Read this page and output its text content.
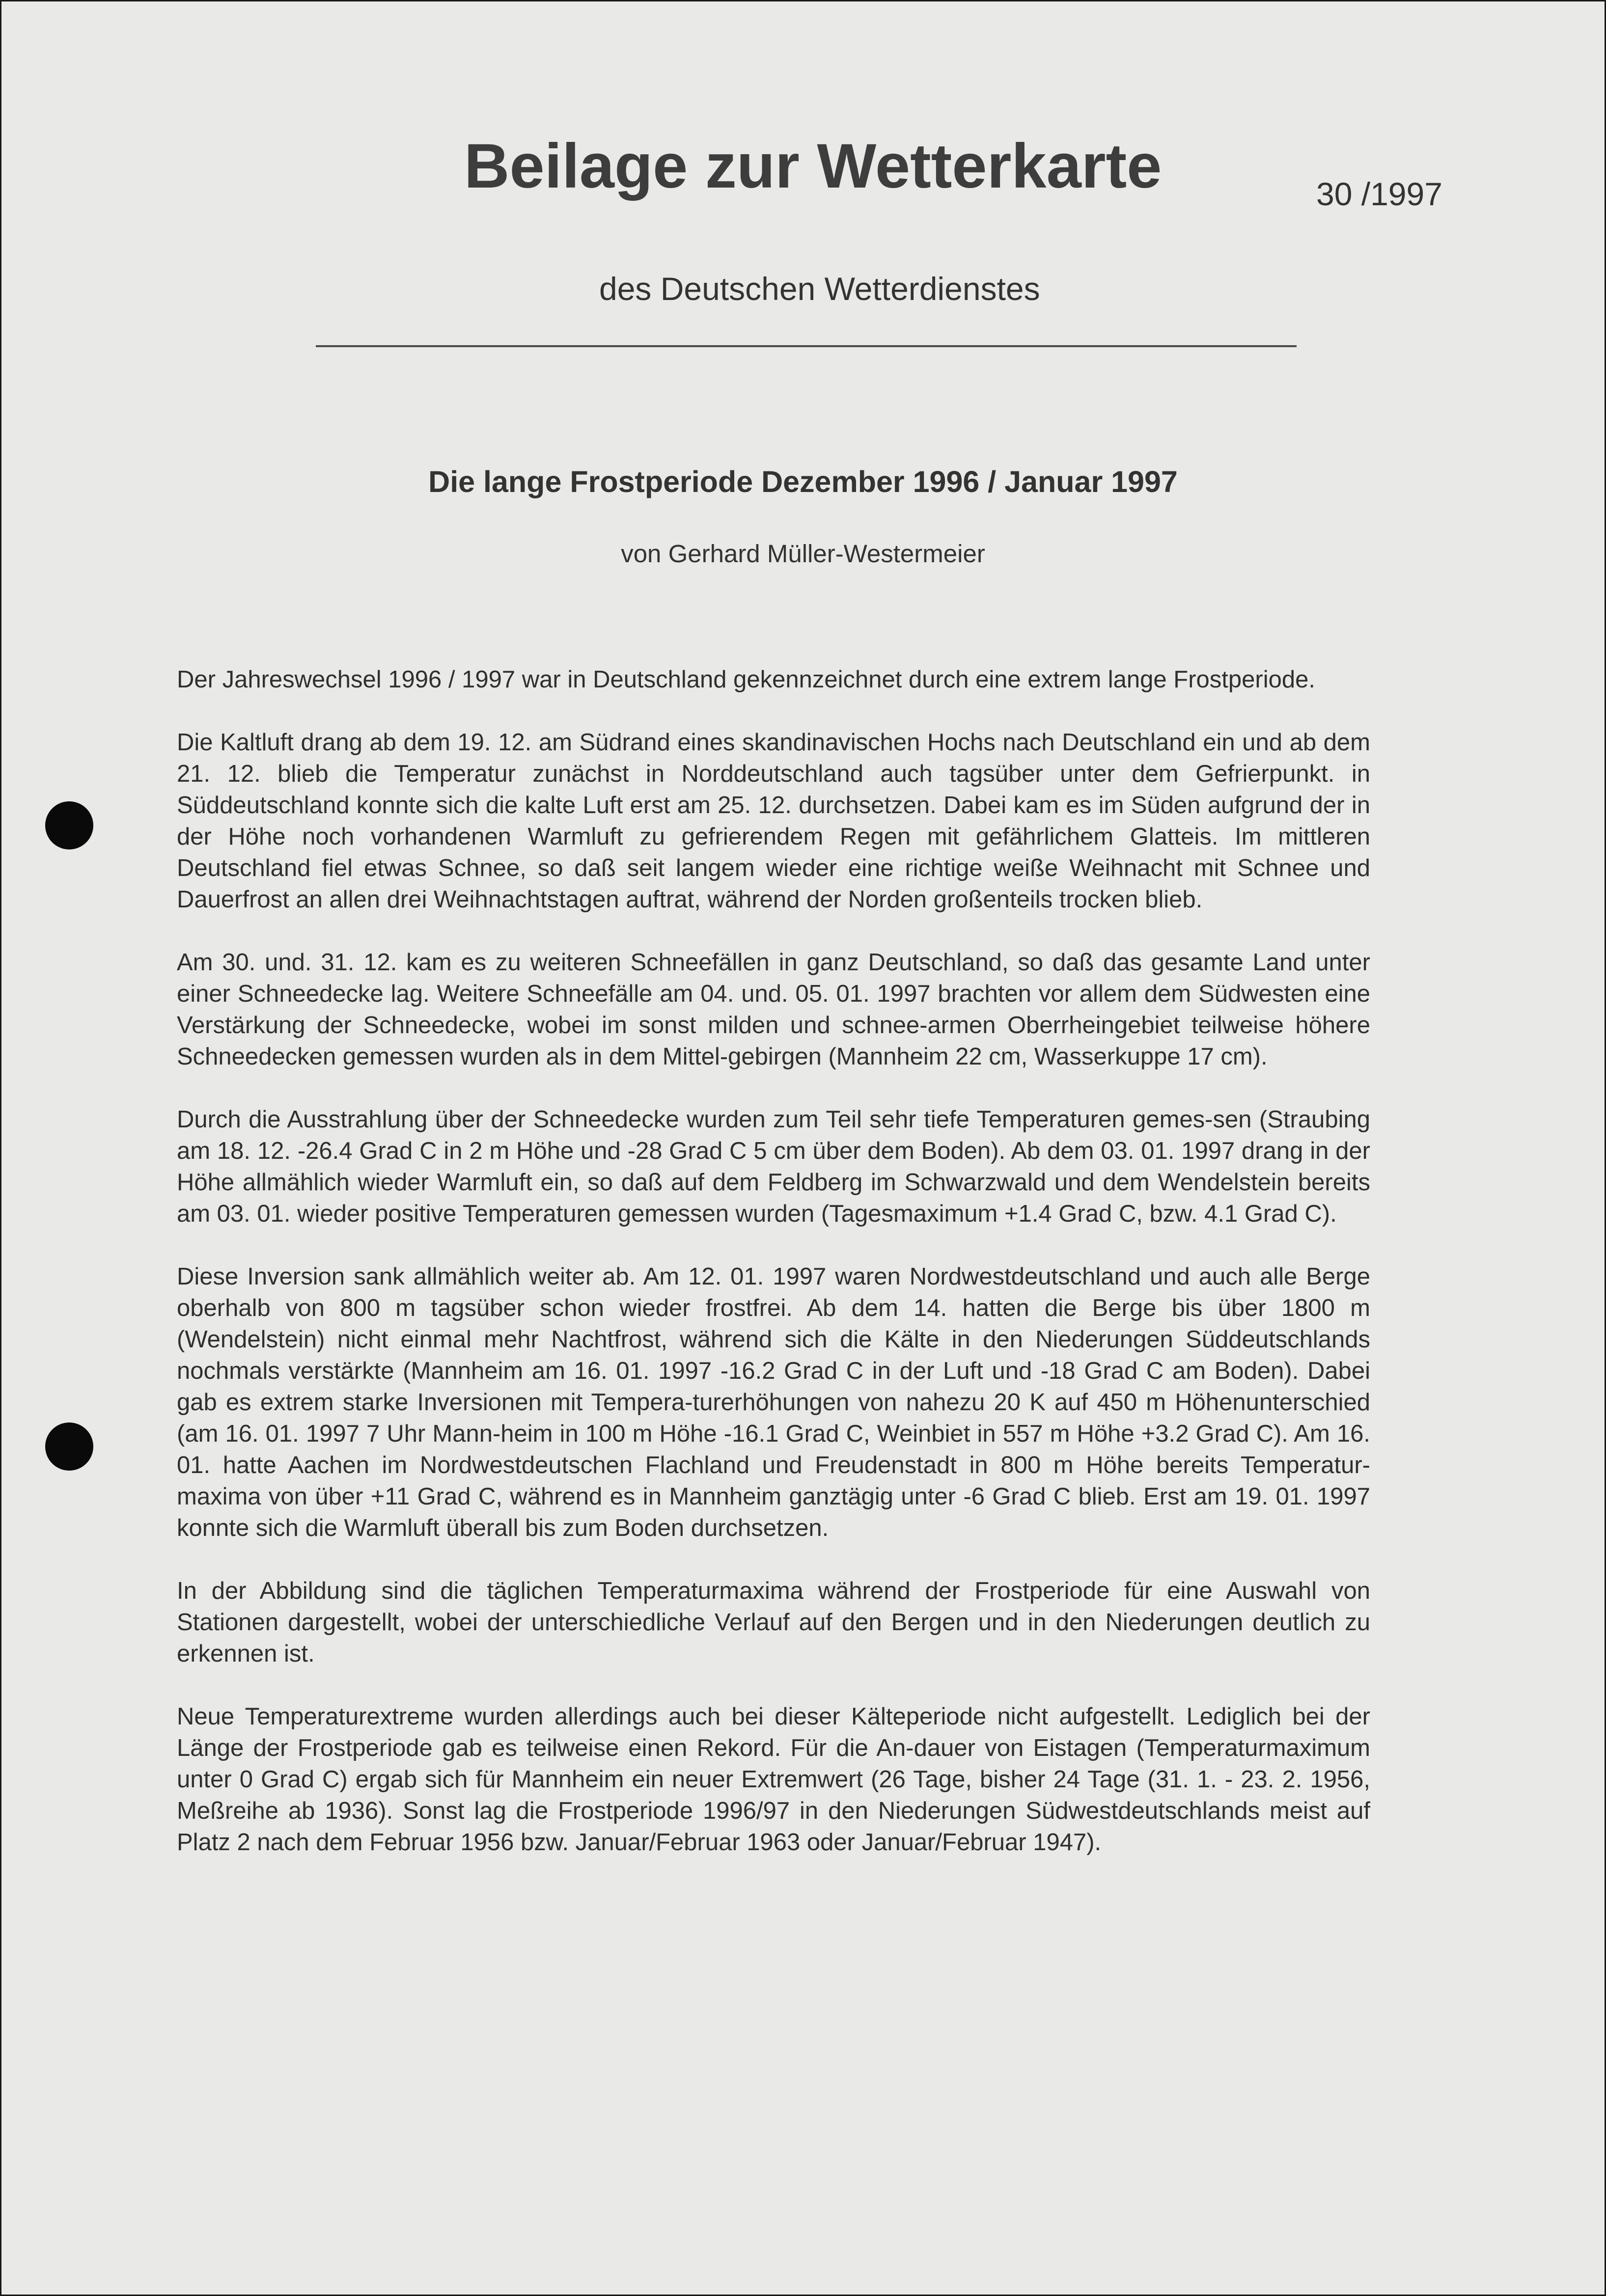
Beilage zur Wetterkarte	30 /1997
des Deutschen Wetterdienstes
Die lange Frostperiode Dezember 1996 / Januar 1997
von Gerhard Müller-Westermeier

Der Jahreswechsel 1996 / 1997 war in Deutschland gekennzeichnet durch eine extrem lange Frostperiode.

Die Kaltluft drang ab dem 19. 12. am Südrand eines skandinavischen Hochs nach Deutschland ein und ab dem 21. 12. blieb die Temperatur zunächst in Norddeutschland auch tagsüber unter dem Gefrierpunkt. in Süddeutschland konnte sich die kalte Luft erst am 25. 12. durchsetzen. Dabei kam es im Süden aufgrund der in der Höhe noch vorhandenen Warmluft zu gefrierendem Regen mit gefährlichem Glatteis. Im mittleren Deutschland fiel etwas Schnee, so daß seit langem wieder eine richtige weiße Weihnacht mit Schnee und Dauerfrost an allen drei Weihnachtstagen auftrat, während der Norden großenteils trocken blieb.

Am 30. und. 31. 12. kam es zu weiteren Schneefällen in ganz Deutschland, so daß das gesamte Land unter einer Schneedecke lag. Weitere Schneefälle am 04. und. 05. 01. 1997 brachten vor allem dem Südwesten eine Verstärkung der Schneedecke, wobei im sonst milden und schnee-armen Oberrheingebiet teilweise höhere Schneedecken gemessen wurden als in dem Mittel-gebirgen (Mannheim 22 cm, Wasserkuppe 17 cm).

Durch die Ausstrahlung über der Schneedecke wurden zum Teil sehr tiefe Temperaturen gemes-sen (Straubing am 18. 12. -26.4 Grad C in 2 m Höhe und -28 Grad C 5 cm über dem Boden). Ab dem 03. 01. 1997 drang in der Höhe allmählich wieder Warmluft ein, so daß auf dem Feldberg im Schwarzwald und dem Wendelstein bereits am 03. 01. wieder positive Temperaturen gemessen wurden (Tagesmaximum +1.4 Grad C, bzw. 4.1 Grad C).

Diese Inversion sank allmählich weiter ab. Am 12. 01. 1997 waren Nordwestdeutschland und auch alle Berge oberhalb von 800 m tagsüber schon wieder frostfrei. Ab dem 14. hatten die Berge bis über 1800 m (Wendelstein) nicht einmal mehr Nachtfrost, während sich die Kälte in den Niederungen Süddeutschlands nochmals verstärkte (Mannheim am 16. 01. 1997 -16.2 Grad C in der Luft und -18 Grad C am Boden). Dabei gab es extrem starke Inversionen mit Tempera-turerhöhungen von nahezu 20 K auf 450 m Höhenunterschied (am 16. 01. 1997 7 Uhr Mann-heim in 100 m Höhe -16.1 Grad C, Weinbiet in 557 m Höhe +3.2 Grad C). Am 16. 01. hatte Aachen im Nordwestdeutschen Flachland und Freudenstadt in 800 m Höhe bereits Temperatur-maxima von über +11 Grad C, während es in Mannheim ganztägig unter -6 Grad C blieb. Erst am 19. 01. 1997 konnte sich die Warmluft überall bis zum Boden durchsetzen.

In der Abbildung sind die täglichen Temperaturmaxima während der Frostperiode für eine Auswahl von Stationen dargestellt, wobei der unterschiedliche Verlauf auf den Bergen und in den Niederungen deutlich zu erkennen ist.

Neue Temperaturextreme wurden allerdings auch bei dieser Kälteperiode nicht aufgestellt. Lediglich bei der Länge der Frostperiode gab es teilweise einen Rekord. Für die An-dauer von Eistagen (Temperaturmaximum unter 0 Grad C) ergab sich für Mannheim ein neuer Extremwert (26 Tage, bisher 24 Tage (31. 1. - 23. 2. 1956, Meßreihe ab 1936). Sonst lag die Frostperiode 1996/97 in den Niederungen Südwestdeutschlands meist auf Platz 2 nach dem Februar 1956 bzw. Januar/Februar 1963 oder Januar/Februar 1947).
